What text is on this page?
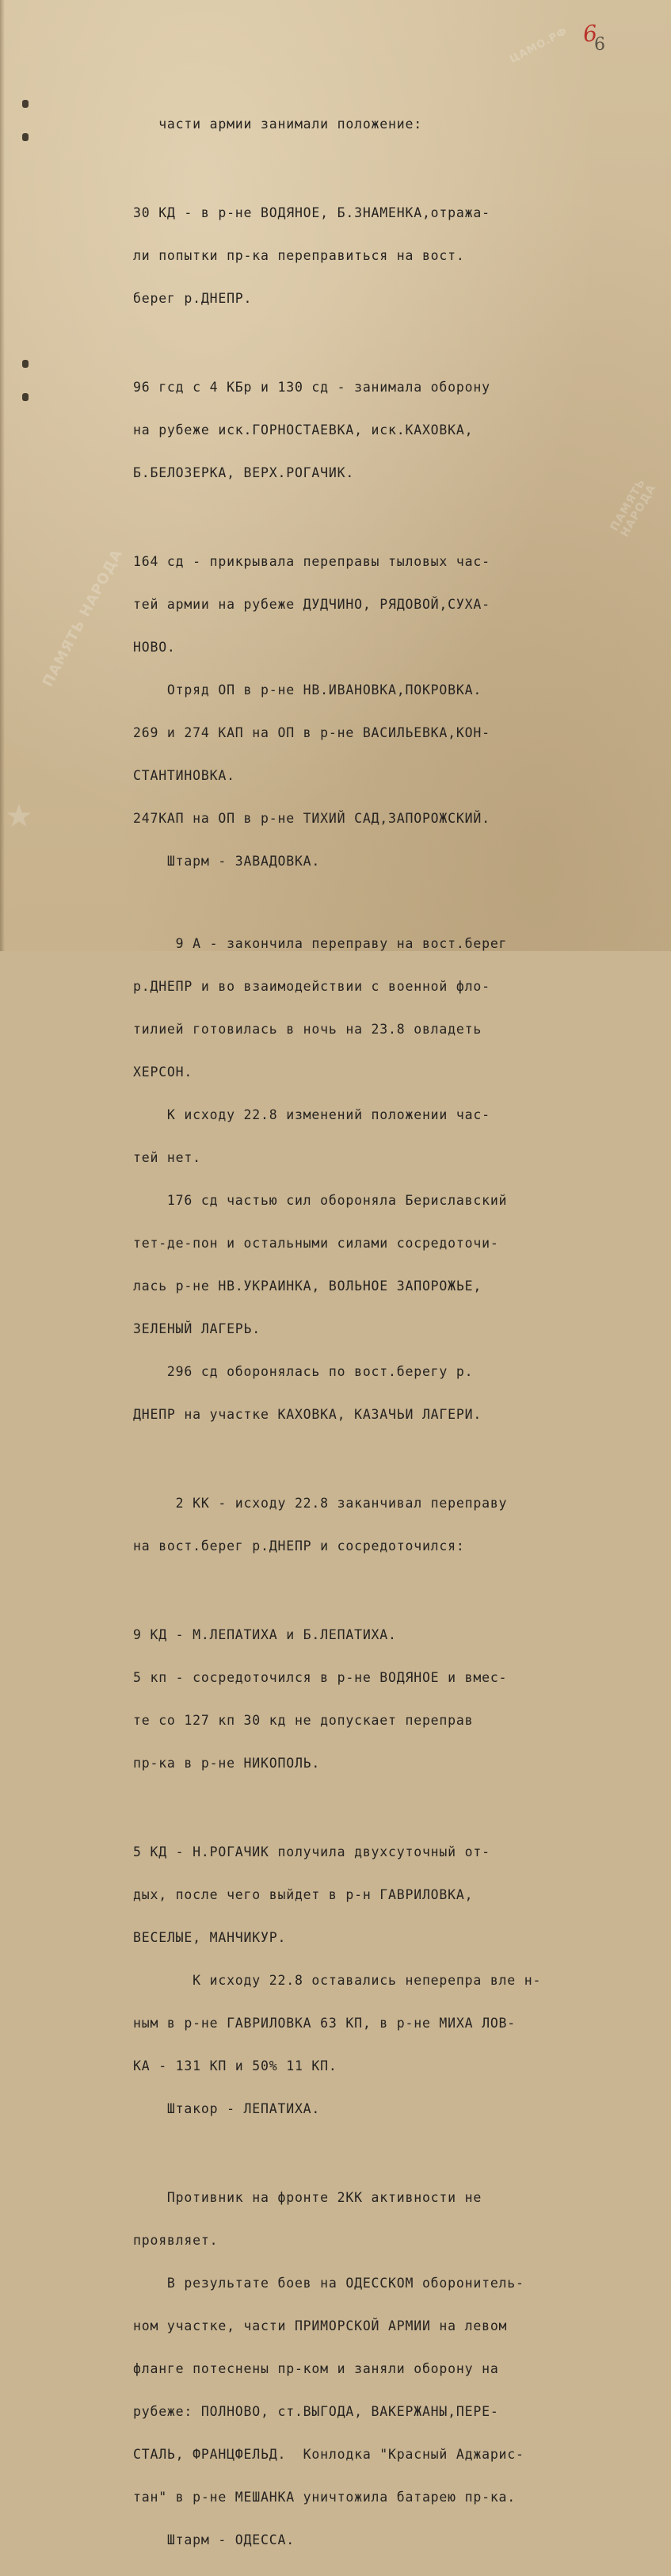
6
6
ЦАМО.РФ
ПАМЯТЬ НАРОДА
ПАМЯТЬ НАРОДА
★

части армии занимали положение:

30 КД - в р-не ВОДЯНОЕ, Б.ЗНАМЕНКА,отража-

ли попытки пр-ка переправиться на вост.

берег р.ДНЕПР.

96 гсд с 4 КБр и 130 сд - занимала оборону

на рубеже иск.ГОРНОСТАЕВКА, иск.КАХОВКА,

Б.БЕЛОЗЕРКА, ВЕРХ.РОГАЧИК.

164 сд - прикрывала переправы тыловых час-

тей армии на рубеже ДУДЧИНО, РЯДОВОЙ,СУХА-

НОВО.

Отряд ОП в р-не НВ.ИВАНОВКА,ПОКРОВКА.

269 и 274 КАП на ОП в р-не ВАСИЛЬЕВКА,КОН-

СТАНТИНОВКА.

247КАП на ОП в р-не ТИХИЙ САД,ЗАПОРОЖСКИЙ.

Штарм - ЗАВАДОВКА.

9 А - закончила переправу на вост.берег

р.ДНЕПР и во взаимодействии с военной фло-

тилией готовилась в ночь на 23.8 овладеть

ХЕРСОН.

К исходу 22.8 изменений положении час-

тей нет.

176 сд частью сил обороняла Бериславский

тет-де-пон и остальными силами сосредоточи-

лась р-не НВ.УКРАИНКА, ВОЛЬНОЕ ЗАПОРОЖЬЕ,

ЗЕЛЕНЫЙ ЛАГЕРЬ.

296 сд оборонялась по вост.берегу р.

ДНЕПР на участке КАХОВКА, КАЗАЧЬИ ЛАГЕРИ.

2 КК - исходу 22.8 заканчивал переправу

на вост.берег р.ДНЕПР и сосредоточился:

9 КД - М.ЛЕПАТИХА и Б.ЛЕПАТИХА.

5 кп - сосредоточился в р-не ВОДЯНОЕ и вмес-

те со 127 кп 30 кд не допускает переправ

пр-ка в р-не НИКОПОЛЬ.

5 КД - Н.РОГАЧИК получила двухсуточный от-

дых, после чего выйдет в р-н ГАВРИЛОВКА,

ВЕСЕЛЫЕ, МАНЧИКУР.

К исходу 22.8 оставались неперепра вле н-

ным в р-не ГАВРИЛОВКА 63 КП, в р-не МИХА ЛОВ-

КА - 131 КП и 50% 11 КП.

Штакор - ЛЕПАТИХА.

Противник на фронте 2КК активности не

проявляет.

В результате боев на ОДЕССКОМ оборонитель-

ном участке, части ПРИМОРСКОЙ АРМИИ на левом

фланге потеснены пр-ком и заняли оборону на

рубеже: ПОЛНОВО, ст.ВЫГОДА, ВАКЕРЖАНЫ,ПЕРЕ-

СТАЛЬ, ФРАНЦФЕЛЬД.  Конлодка "Красный Аджарис-

тан" в р-не МЕШАНКА уничтожила батарею пр-ка.

Штарм - ОДЕССА.
